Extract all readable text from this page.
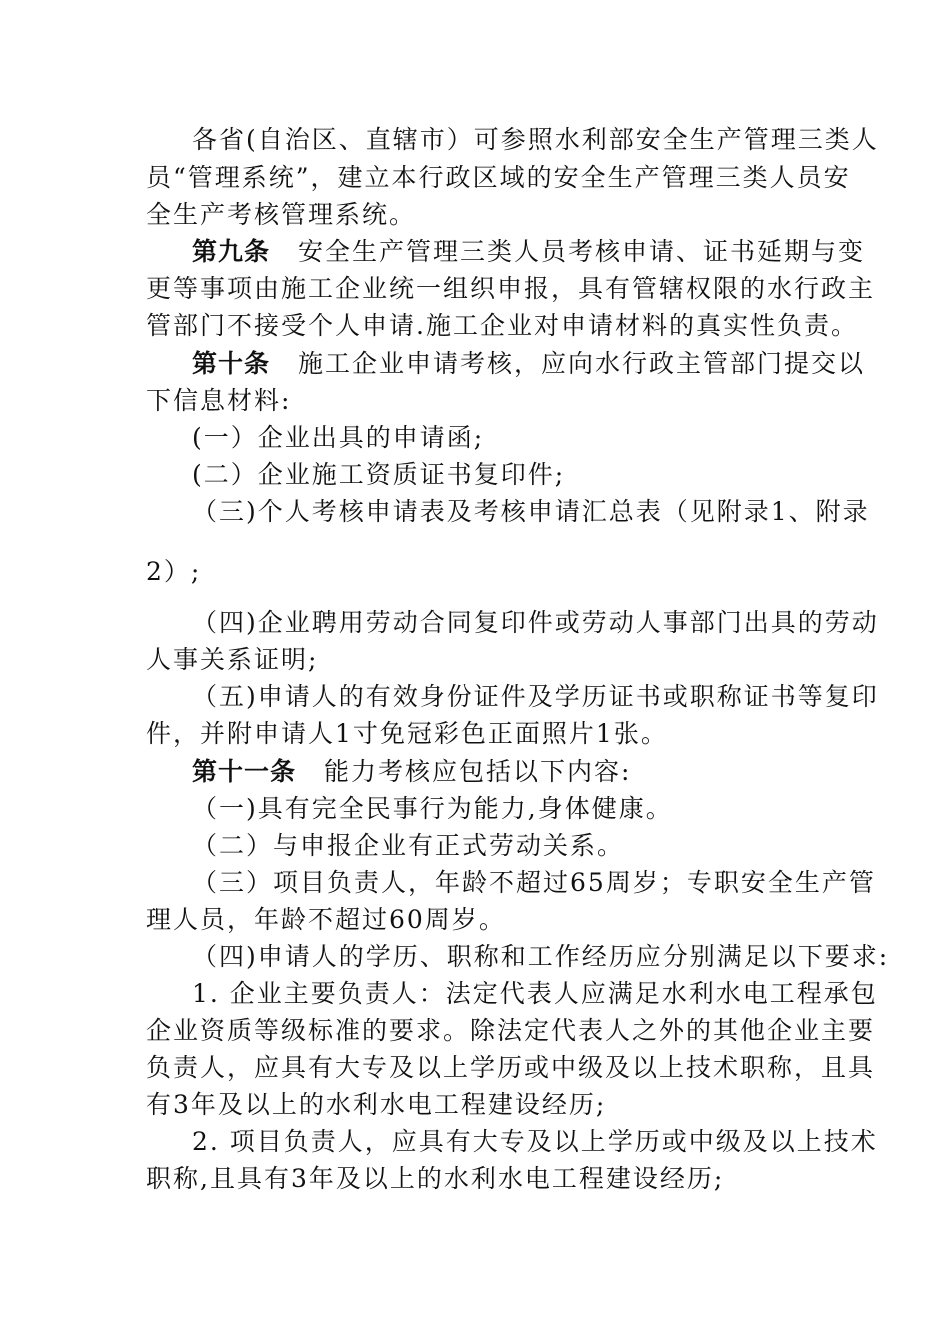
各省(自治区、直辖市）可参照水利部安全生产管理三类人
员“管理系统”，建立本行政区域的安全生产管理三类人员安
全生产考核管理系统。
第九条 安全生产管理三类人员考核申请、证书延期与变
更等事项由施工企业统一组织申报，具有管辖权限的水行政主
管部门不接受个人申请.施工企业对申请材料的真实性负责。
第十条 施工企业申请考核，应向水行政主管部门提交以
下信息材料:
(一）企业出具的申请函;
(二）企业施工资质证书复印件;
（三)个人考核申请表及考核申请汇总表（见附录1、附录
2）;
（四)企业聘用劳动合同复印件或劳动人事部门出具的劳动
人事关系证明;
（五)申请人的有效身份证件及学历证书或职称证书等复印
件，并附申请人1寸免冠彩色正面照片1张。
第十一条 能力考核应包括以下内容:
（一)具有完全民事行为能力,身体健康。
（二）与申报企业有正式劳动关系。
（三）项目负责人，年龄不超过65周岁；专职安全生产管
理人员，年龄不超过60周岁。
（四)申请人的学历、职称和工作经历应分别满足以下要求:
1. 企业主要负责人：法定代表人应满足水利水电工程承包
企业资质等级标准的要求。除法定代表人之外的其他企业主要
负责人，应具有大专及以上学历或中级及以上技术职称，且具
有3年及以上的水利水电工程建设经历;
2. 项目负责人，应具有大专及以上学历或中级及以上技术
职称,且具有3年及以上的水利水电工程建设经历;
